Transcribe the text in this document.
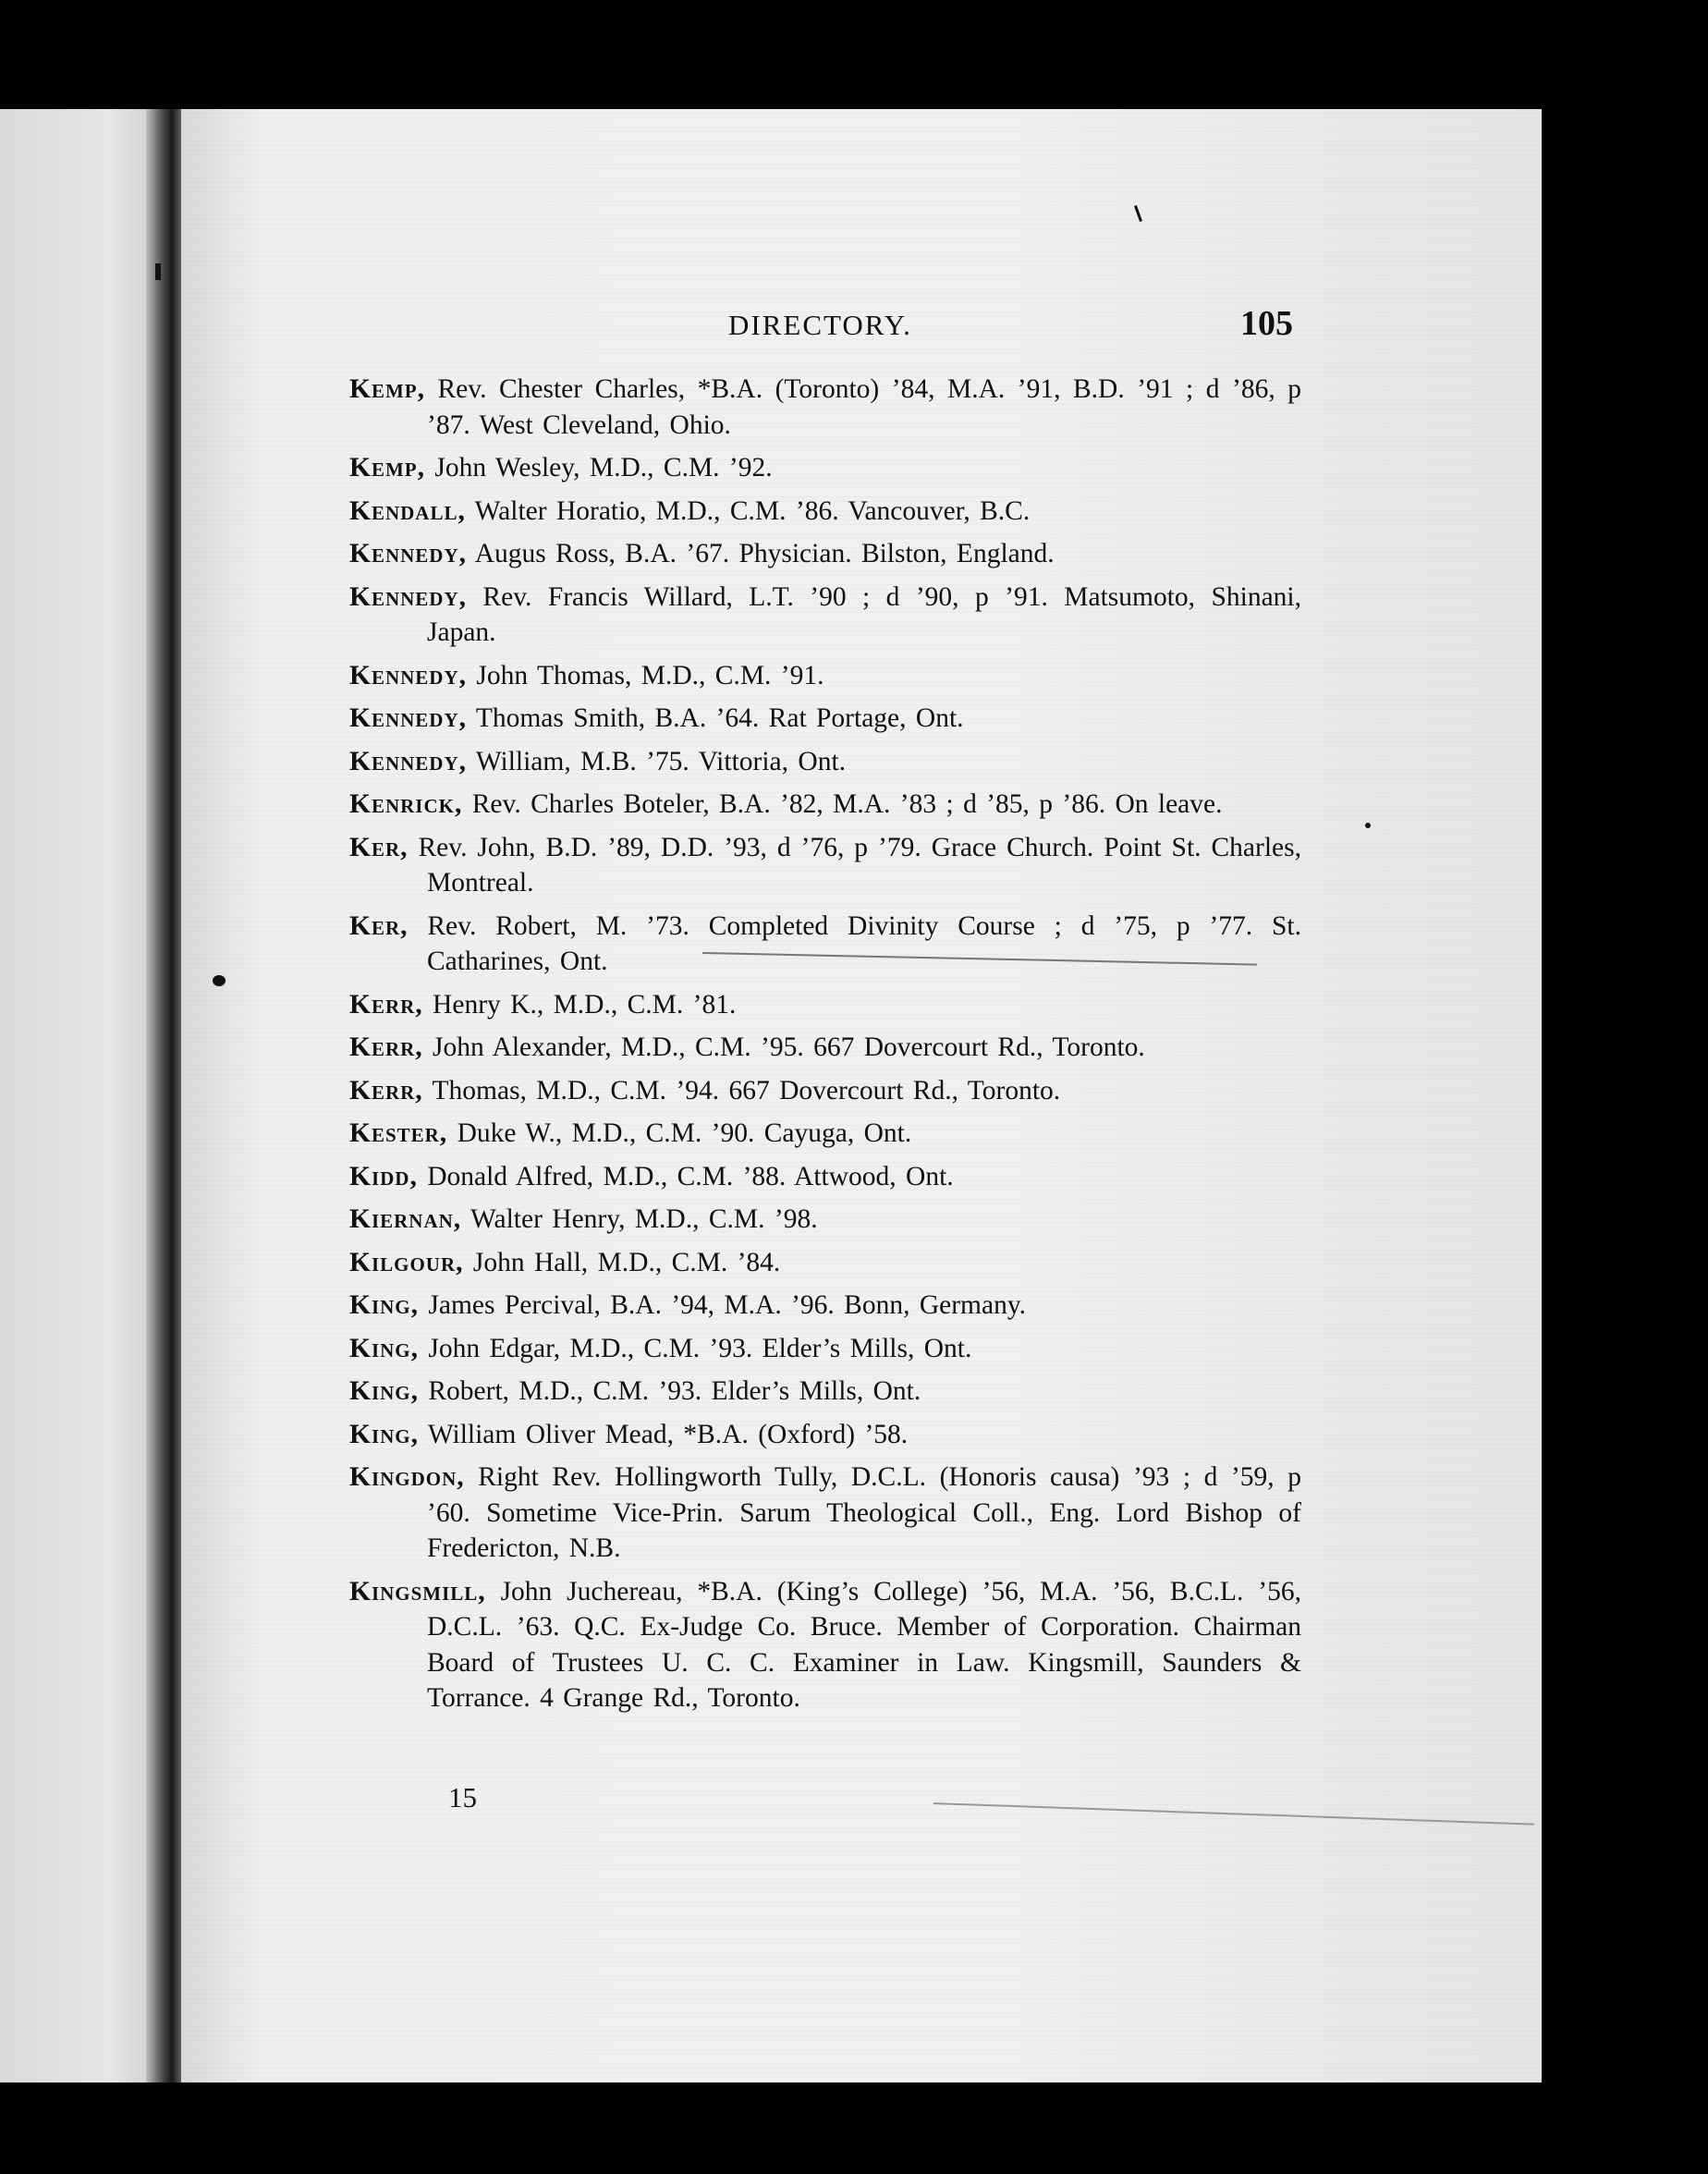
DIRECTORY.	105

Kemp, Rev. Chester Charles, *B.A. (Toronto) ’84, M.A. ’91, B.D. ’91 ; d ’86, p ’87. West Cleveland, Ohio.

Kemp, John Wesley, M.D., C.M. ’92.

Kendall, Walter Horatio, M.D., C.M. ’86. Vancouver, B.C.

Kennedy, Augus Ross, B.A. ’67. Physician. Bilston, England.

Kennedy, Rev. Francis Willard, L.T. ’90 ; d ’90, p ’91. Matsumoto, Shinani, Japan.

Kennedy, John Thomas, M.D., C.M. ’91.

Kennedy, Thomas Smith, B.A. ’64. Rat Portage, Ont.

Kennedy, William, M.B. ’75. Vittoria, Ont.

Kenrick, Rev. Charles Boteler, B.A. ’82, M.A. ’83 ; d ’85, p ’86. On leave.

Ker, Rev. John, B.D. ’89, D.D. ’93, d ’76, p ’79. Grace Church. Point St. Charles, Montreal.

Ker, Rev. Robert, M. ’73. Completed Divinity Course ; d ’75, p ’77. St. Catharines, Ont.

Kerr, Henry K., M.D., C.M. ’81.

Kerr, John Alexander, M.D., C.M. ’95. 667 Dovercourt Rd., Toronto.

Kerr, Thomas, M.D., C.M. ’94. 667 Dovercourt Rd., Toronto.

Kester, Duke W., M.D., C.M. ’90. Cayuga, Ont.

Kidd, Donald Alfred, M.D., C.M. ’88. Attwood, Ont.

Kiernan, Walter Henry, M.D., C.M. ’98.

Kilgour, John Hall, M.D., C.M. ’84.

King, James Percival, B.A. ’94, M.A. ’96. Bonn, Germany.

King, John Edgar, M.D., C.M. ’93. Elder’s Mills, Ont.

King, Robert, M.D., C.M. ’93. Elder’s Mills, Ont.

King, William Oliver Mead, *B.A. (Oxford) ’58.

Kingdon, Right Rev. Hollingworth Tully, D.C.L. (Honoris causa) ’93 ; d ’59, p ’60. Sometime Vice-Prin. Sarum Theological Coll., Eng. Lord Bishop of Fredericton, N.B.

Kingsmill, John Juchereau, *B.A. (King’s College) ’56, M.A. ’56, B.C.L. ’56, D.C.L. ’63. Q.C. Ex-Judge Co. Bruce. Member of Corporation. Chairman Board of Trustees U. C. C. Examiner in Law. Kingsmill, Saunders & Torrance. 4 Grange Rd., Toronto.

15
